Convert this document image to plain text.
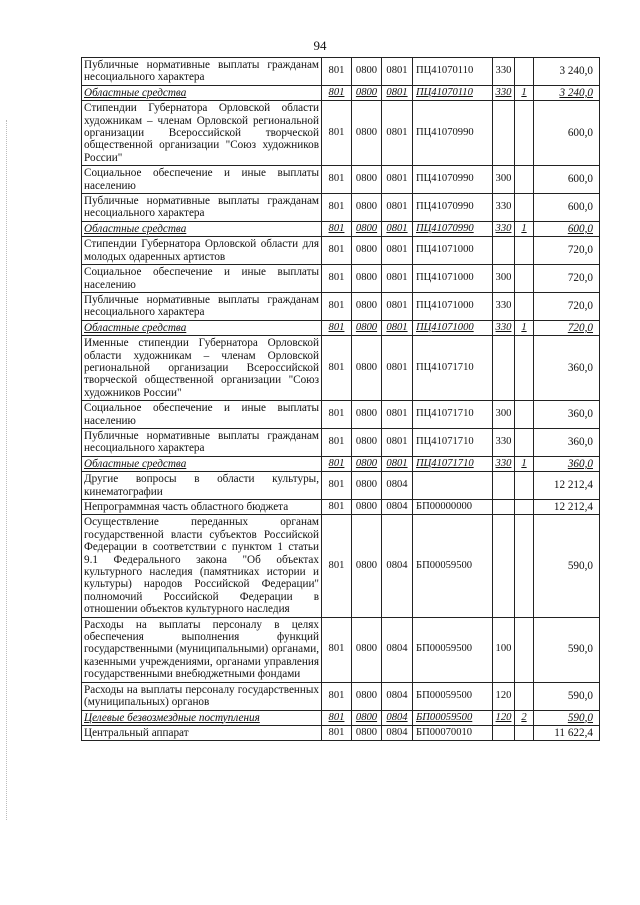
94
Публичные нормативные выплаты гражданам несоциального характера	801	0800	0801	ПЦ41070110	330		3 240,0
Областные средства	801	0800	0801	ПЦ41070110	330	1	3 240,0
Стипендии Губернатора Орловской области художникам – членам Орловской региональной организации Всероссийской творческой общественной организации "Союз художников России"	801	0800	0801	ПЦ41070990			600,0
Социальное обеспечение и иные выплаты населению	801	0800	0801	ПЦ41070990	300		600,0
Публичные нормативные выплаты гражданам несоциального характера	801	0800	0801	ПЦ41070990	330		600,0
Областные средства	801	0800	0801	ПЦ41070990	330	1	600,0
Стипендии Губернатора Орловской области для молодых одаренных артистов	801	0800	0801	ПЦ41071000			720,0
Социальное обеспечение и иные выплаты населению	801	0800	0801	ПЦ41071000	300		720,0
Публичные нормативные выплаты гражданам несоциального характера	801	0800	0801	ПЦ41071000	330		720,0
Областные средства	801	0800	0801	ПЦ41071000	330	1	720,0
Именные стипендии Губернатора Орловской области художникам – членам Орловской региональной организации Всероссийской творческой общественной организации "Союз художников России"	801	0800	0801	ПЦ41071710			360,0
Социальное обеспечение и иные выплаты населению	801	0800	0801	ПЦ41071710	300		360,0
Публичные нормативные выплаты гражданам несоциального характера	801	0800	0801	ПЦ41071710	330		360,0
Областные средства	801	0800	0801	ПЦ41071710	330	1	360,0
Другие вопросы в области культуры, кинематографии	801	0800	0804				12 212,4
Непрограммная часть областного бюджета	801	0800	0804	БП00000000			12 212,4
Осуществление переданных органам государственной власти субъектов Российской Федерации в соответствии с пунктом 1 статьи 9.1 Федерального закона "Об объектах культурного наследия (памятниках истории и культуры) народов Российской Федерации" полномочий Российской Федерации в отношении объектов культурного наследия	801	0800	0804	БП00059500			590,0
Расходы на выплаты персоналу в целях обеспечения выполнения функций государственными (муниципальными) органами, казенными учреждениями, органами управления государственными внебюджетными фондами	801	0800	0804	БП00059500	100		590,0
Расходы на выплаты персоналу государственных (муниципальных) органов	801	0800	0804	БП00059500	120		590,0
Целевые безвозмездные поступления	801	0800	0804	БП00059500	120	2	590,0
Центральный аппарат	801	0800	0804	БП00070010			11 622,4
